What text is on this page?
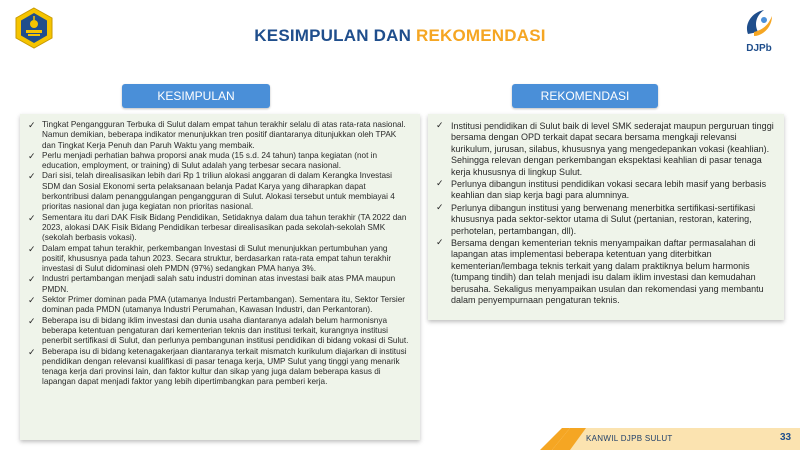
KESIMPULAN DAN REKOMENDASI
DJPb
KESIMPULAN	REKOMENDASI
✓ Tingkat Pengangguran Terbuka di Sulut dalam empat tahun terakhir selalu di atas rata-rata nasional. Namun demikian, beberapa indikator menunjukkan tren positif diantaranya ditunjukkan oleh TPAK dan Tingkat Kerja Penuh dan Paruh Waktu yang membaik.
✓ Perlu menjadi perhatian bahwa proporsi anak muda (15 s.d. 24 tahun) tanpa kegiatan (not in education, employment, or training) di Sulut adalah yang terbesar secara nasional.
✓ Dari sisi, telah direalisasikan lebih dari Rp 1 triliun alokasi anggaran di dalam Kerangka Investasi SDM dan Sosial Ekonomi serta pelaksanaan belanja Padat Karya yang diharapkan dapat berkontribusi dalam penanggulangan pengangguran di Sulut. Alokasi tersebut untuk membiayai 4 prioritas nasional dan juga kegiatan non prioritas nasional.
✓ Sementara itu dari DAK Fisik Bidang Pendidikan, Setidaknya dalam dua tahun terakhir (TA 2022 dan 2023, alokasi DAK Fisik Bidang Pendidikan terbesar direalisasikan pada sekolah-sekolah SMK (sekolah berbasis vokasi).
✓ Dalam empat tahun terakhir, perkembangan Investasi di Sulut menunjukkan pertumbuhan yang positif, khususnya pada tahun 2023. Secara struktur, berdasarkan rata-rata empat tahun terakhir investasi di Sulut didominasi oleh PMDN (97%) sedangkan PMA hanya 3%.
✓ Industri pertambangan menjadi salah satu industri dominan atas investasi baik atas PMA maupun PMDN.
✓ Sektor Primer dominan pada PMA (utamanya Industri Pertambangan). Sementara itu, Sektor Tersier dominan pada PMDN (utamanya Industri Perumahan, Kawasan Industri, dan Perkantoran).
✓ Beberapa isu di bidang iklim investasi dan dunia usaha diantaranya adalah belum harmonisnya beberapa ketentuan pengaturan dari kementerian teknis dan institusi terkait, kurangnya institusi penerbit sertifikasi di Sulut, dan perlunya pembangunan institusi pendidikan di bidang vokasi di Sulut.
✓ Beberapa isu di bidang ketenagakerjaan diantaranya terkait mismatch kurikulum diajarkan di institusi pendidikan dengan relevansi kualifikasi di pasar tenaga kerja, UMP Sulut yang tinggi yang menarik tenaga kerja dari provinsi lain, dan faktor kultur dan sikap yang juga dalam beberapa kasus di lapangan dapat menjadi faktor yang lebih dipertimbangkan para pemberi kerja.
✓ Institusi pendidikan di Sulut baik di level SMK sederajat maupun perguruan tinggi bersama dengan OPD terkait dapat secara bersama mengkaji relevansi kurikulum, jurusan, silabus, khususnya yang mengedepankan vokasi (keahlian). Sehingga relevan dengan perkembangan ekspektasi keahlian di pasar tenaga kerja khususnya di lingkup Sulut.
✓ Perlunya dibangun institusi pendidikan vokasi secara lebih masif yang berbasis keahlian dan siap kerja bagi para alumninya.
✓ Perlunya dibangun institusi yang berwenang menerbitka sertifikasi-sertifikasi khususnya pada sektor-sektor utama di Sulut (pertanian, restoran, katering, perhotelan, pertambangan, dll).
✓ Bersama dengan kementerian teknis menyampaikan daftar permasalahan di lapangan atas implementasi beberapa ketentuan yang diterbitkan kementerian/lembaga teknis terkait yang dalam praktiknya belum harmonis (tumpang tindih) dan telah menjadi isu dalam iklim investasi dan kemudahan berusaha. Sekaligus menyampaikan usulan dan rekomendasi yang membantu dalam penyempurnaan pengaturan teknis.
KANWIL DJPB SULUT	33
